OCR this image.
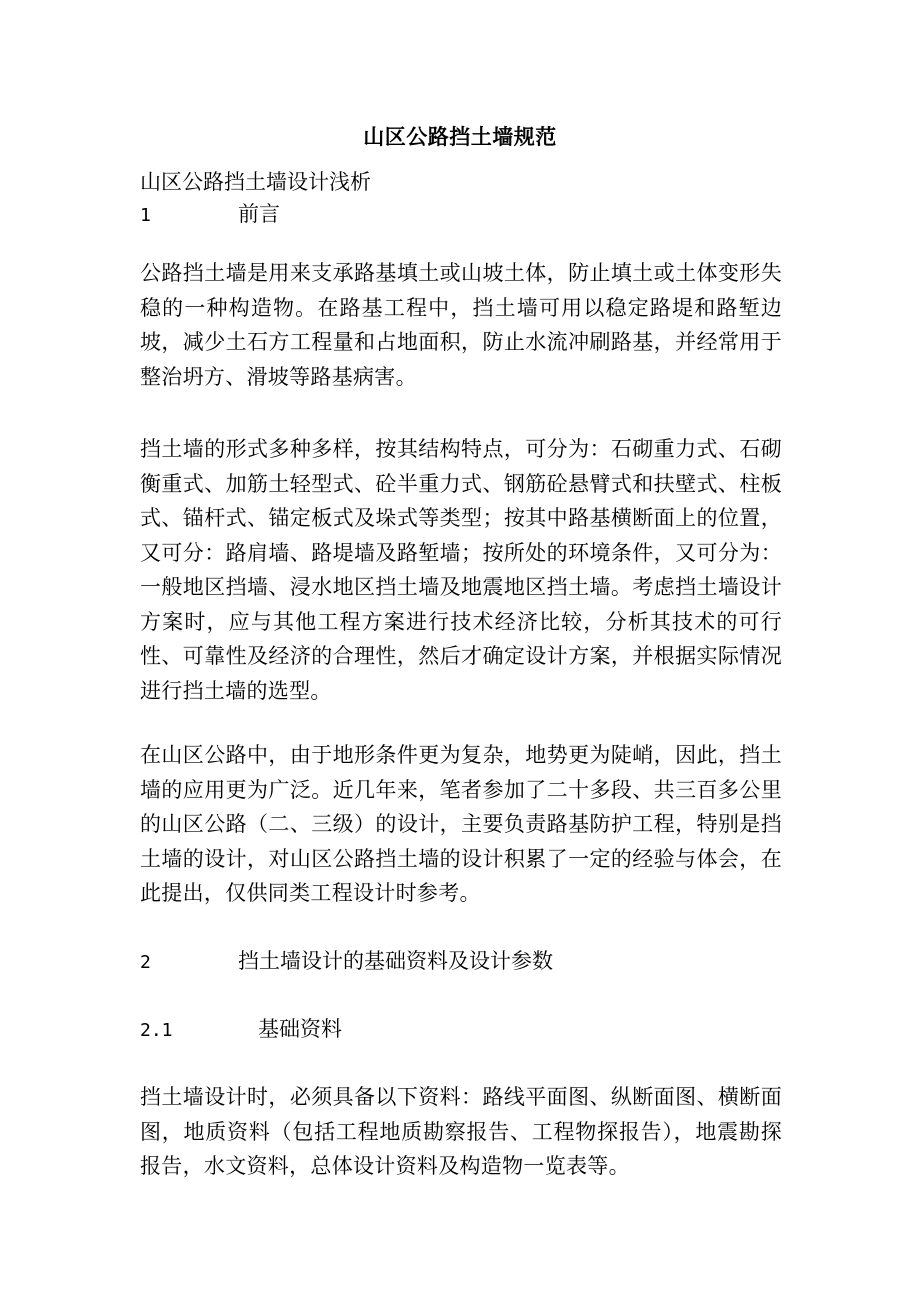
山区公路挡土墙规范
山区公路挡土墙设计浅析
1	前言
公路挡土墙是用来支承路基填土或山坡土体，防止填土或土体变形失稳的一种构造物。在路基工程中，挡土墙可用以稳定路堤和路堑边坡，减少土石方工程量和占地面积，防止水流冲刷路基，并经常用于整治坍方、滑坡等路基病害。
挡土墙的形式多种多样，按其结构特点，可分为：石砌重力式、石砌衡重式、加筋土轻型式、砼半重力式、钢筋砼悬臂式和扶壁式、柱板式、锚杆式、锚定板式及垛式等类型；按其中路基横断面上的位置，又可分：路肩墙、路堤墙及路堑墙；按所处的环境条件，又可分为：一般地区挡墙、浸水地区挡土墙及地震地区挡土墙。考虑挡土墙设计方案时，应与其他工程方案进行技术经济比较，分析其技术的可行性、可靠性及经济的合理性，然后才确定设计方案，并根据实际情况进行挡土墙的选型。
在山区公路中，由于地形条件更为复杂，地势更为陡峭，因此，挡土墙的应用更为广泛。近几年来，笔者参加了二十多段、共三百多公里的山区公路（二、三级）的设计，主要负责路基防护工程，特别是挡土墙的设计，对山区公路挡土墙的设计积累了一定的经验与体会，在此提出，仅供同类工程设计时参考。
2	挡土墙设计的基础资料及设计参数
2.1	基础资料
挡土墙设计时，必须具备以下资料：路线平面图、纵断面图、横断面图，地质资料（包括工程地质勘察报告、工程物探报告），地震勘探报告，水文资料，总体设计资料及构造物一览表等。
